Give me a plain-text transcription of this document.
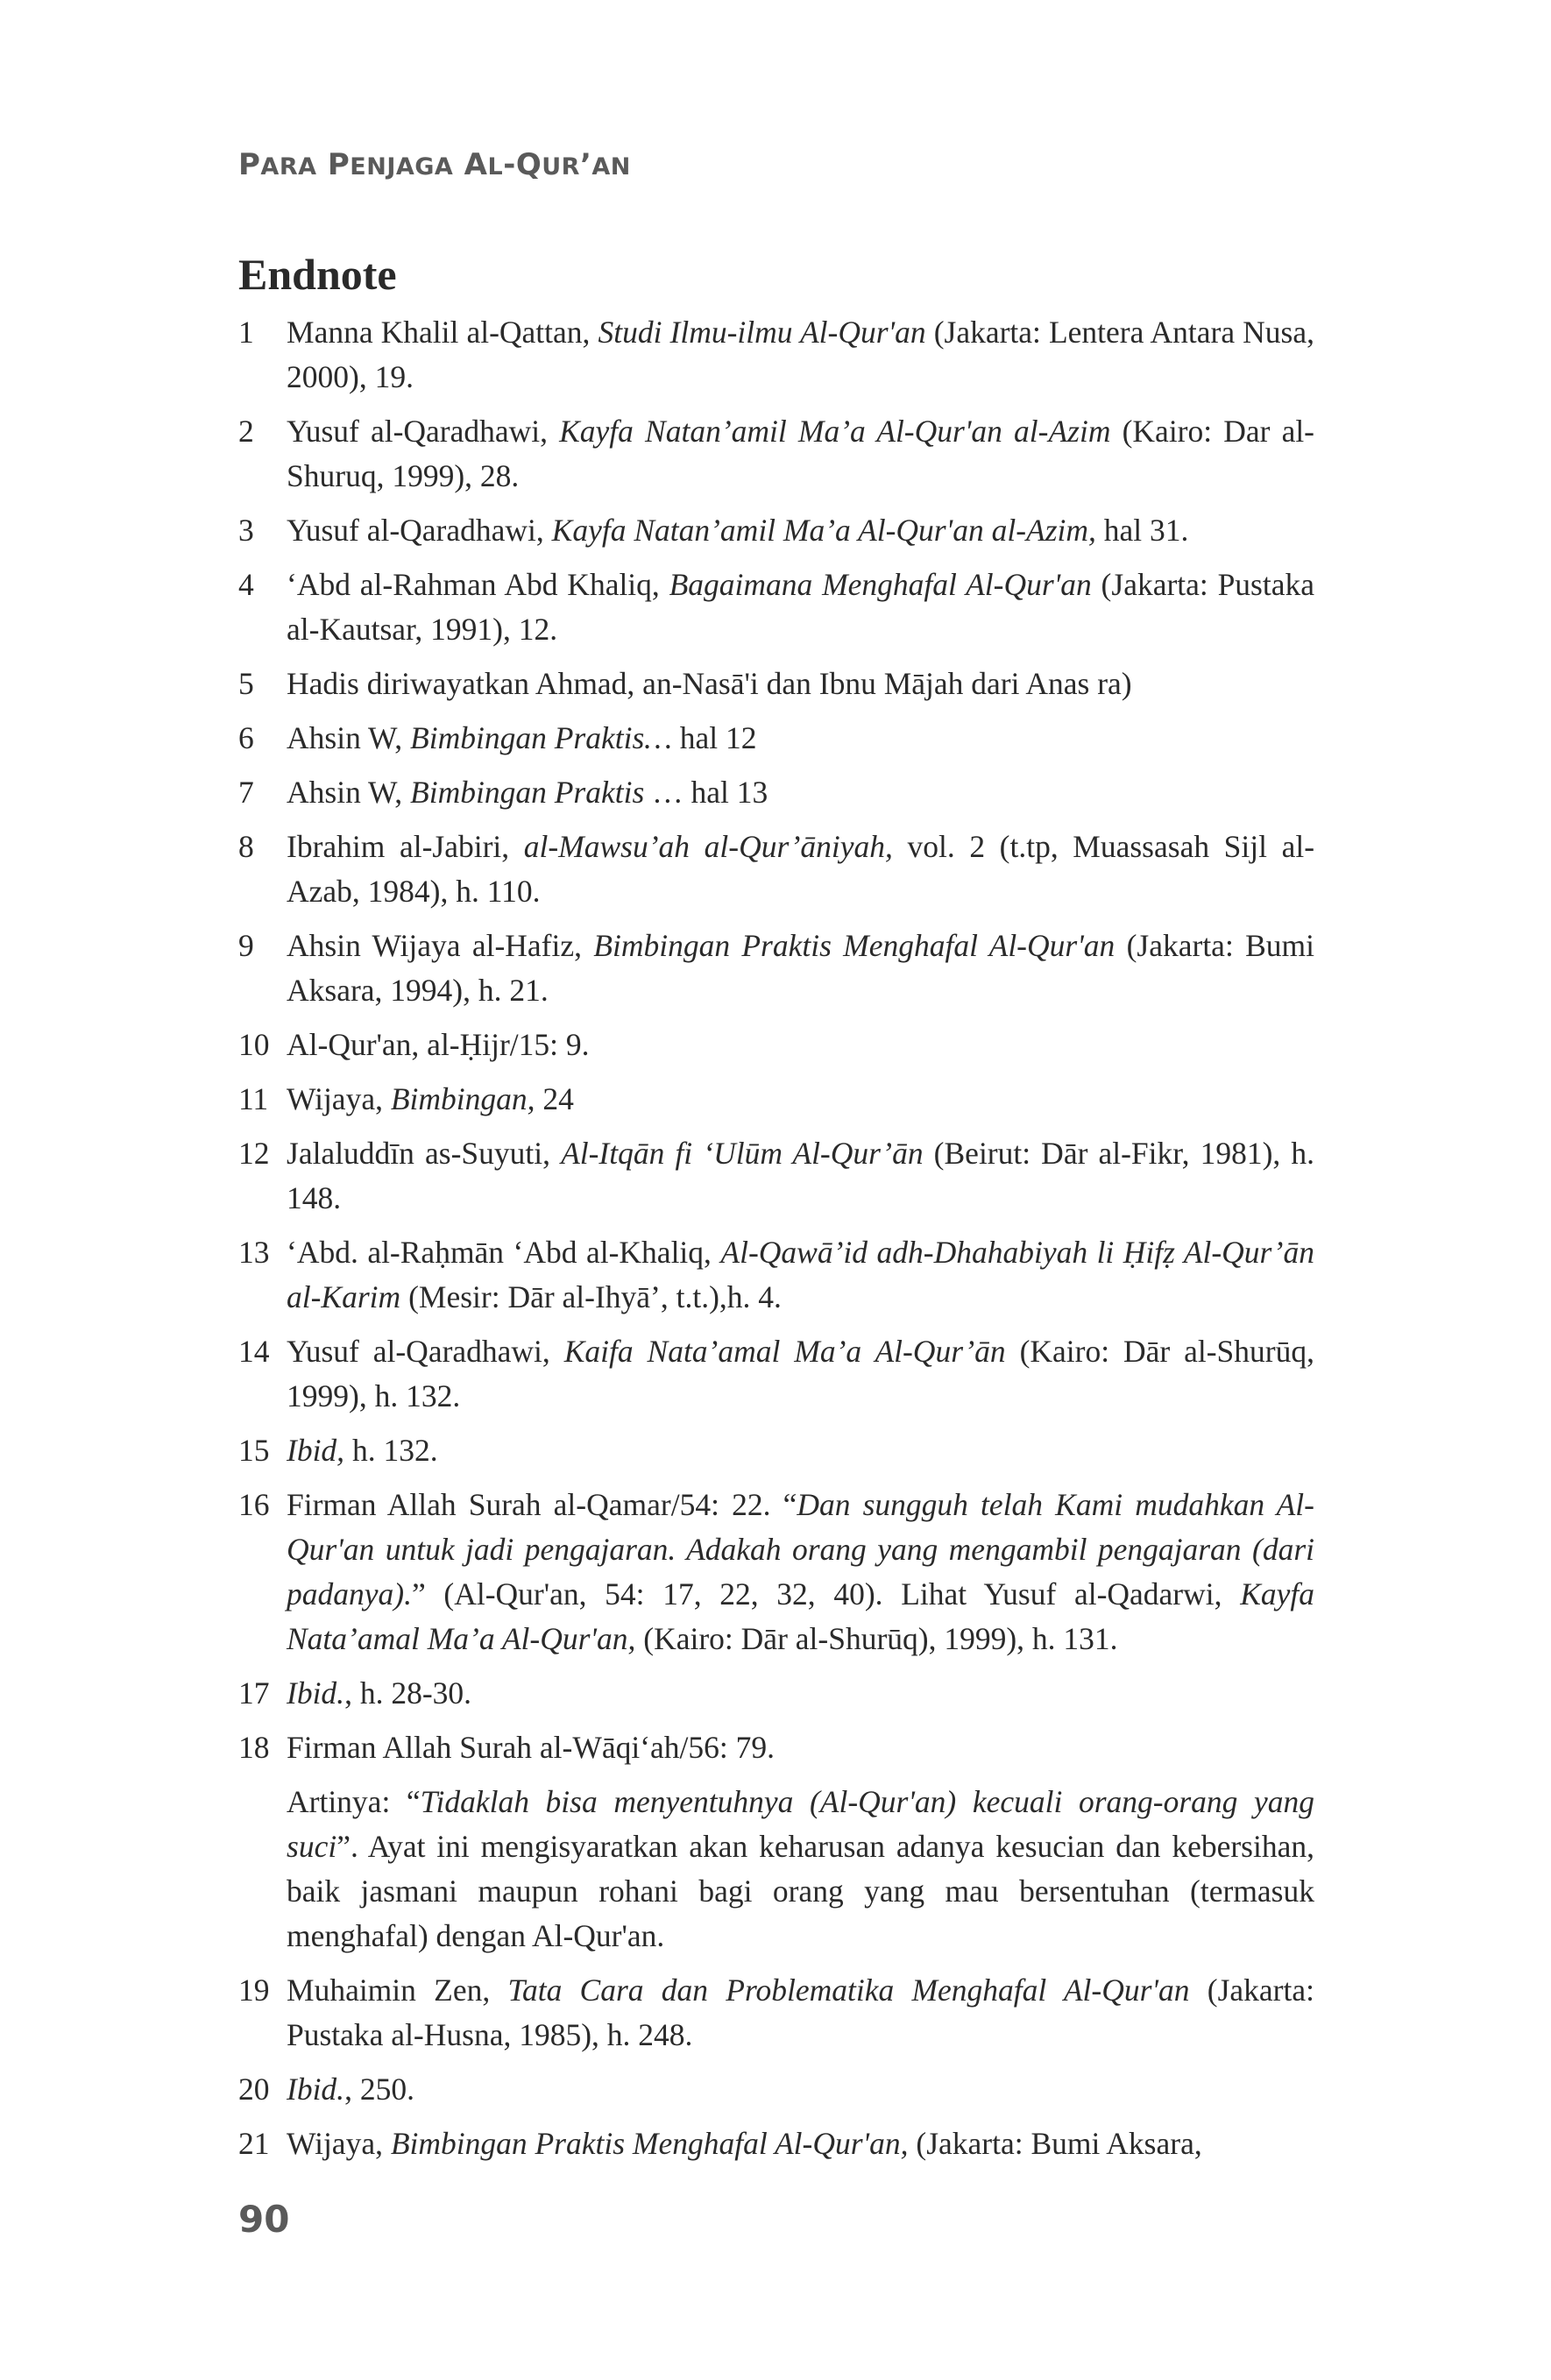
PARA PENJAGA AL-QUR’AN
Endnote
1	Manna Khalil al-Qattan, Studi Ilmu-ilmu Al-Qur'an (Jakarta: Lentera Antara Nusa, 2000), 19.
2	Yusuf al-Qaradhawi, Kayfa Natan’amil Ma’a Al-Qur'an al-Azim (Kairo: Dar al-Shuruq, 1999), 28.
3	Yusuf al-Qaradhawi, Kayfa Natan’amil Ma’a Al-Qur'an al-Azim, hal 31.
4	‘Abd al-Rahman Abd Khaliq, Bagaimana Menghafal Al-Qur'an (Jakarta: Pustaka al-Kautsar, 1991), 12.
5	Hadis diriwayatkan Ahmad, an-Nasā'i dan Ibnu Mājah dari Anas ra)
6	Ahsin W, Bimbingan Praktis… hal 12
7	Ahsin W, Bimbingan Praktis … hal 13
8	Ibrahim al-Jabiri, al-Mawsu’ah al-Qur’āniyah, vol. 2 (t.tp, Muassasah Sijl al-Azab, 1984), h. 110.
9	Ahsin Wijaya al-Hafiz, Bimbingan Praktis Menghafal Al-Qur'an (Jakarta: Bumi Aksara, 1994), h. 21.
10 Al-Qur'an, al-Ḥijr/15: 9.
11 Wijaya, Bimbingan, 24
12 Jalaluddīn as-Suyuti, Al-Itqān fi ‘Ulūm Al-Qur’ān (Beirut: Dār al-Fikr, 1981), h. 148.
13 ‘Abd. al-Raḥmān ‘Abd al-Khaliq, Al-Qawā’id adh-Dhahabiyah li Ḥifẓ Al-Qur’ān al-Karim (Mesir: Dār al-Ihyā’, t.t.),h. 4.
14 Yusuf al-Qaradhawi, Kaifa Nata’amal Ma’a Al-Qur’ān (Kairo: Dār al-Shurūq, 1999), h. 132.
15 Ibid, h. 132.
16 Firman Allah Surah al-Qamar/54: 22. “Dan sungguh telah Kami mudahkan Al-Qur'an untuk jadi pengajaran. Adakah orang yang mengambil pengajaran (dari padanya).” (Al-Qur'an, 54: 17, 22, 32, 40). Lihat Yusuf al-Qadarwi, Kayfa Nata’amal Ma’a Al-Qur'an, (Kairo: Dār al-Shurūq), 1999), h. 131.
17 Ibid., h. 28-30.
18 Firman Allah Surah al-Wāqi‘ah/56: 79.
Artinya: “Tidaklah bisa menyentuhnya (Al-Qur'an) kecuali orang-orang yang suci”. Ayat ini mengisyaratkan akan keharusan adanya kesucian dan kebersihan, baik jasmani maupun rohani bagi orang yang mau bersentuhan (termasuk menghafal) dengan Al-Qur'an.
19 Muhaimin Zen, Tata Cara dan Problematika Menghafal Al-Qur'an (Jakarta: Pustaka al-Husna, 1985), h. 248.
20 Ibid., 250.
21 Wijaya, Bimbingan Praktis Menghafal Al-Qur'an, (Jakarta: Bumi Aksara,
90
